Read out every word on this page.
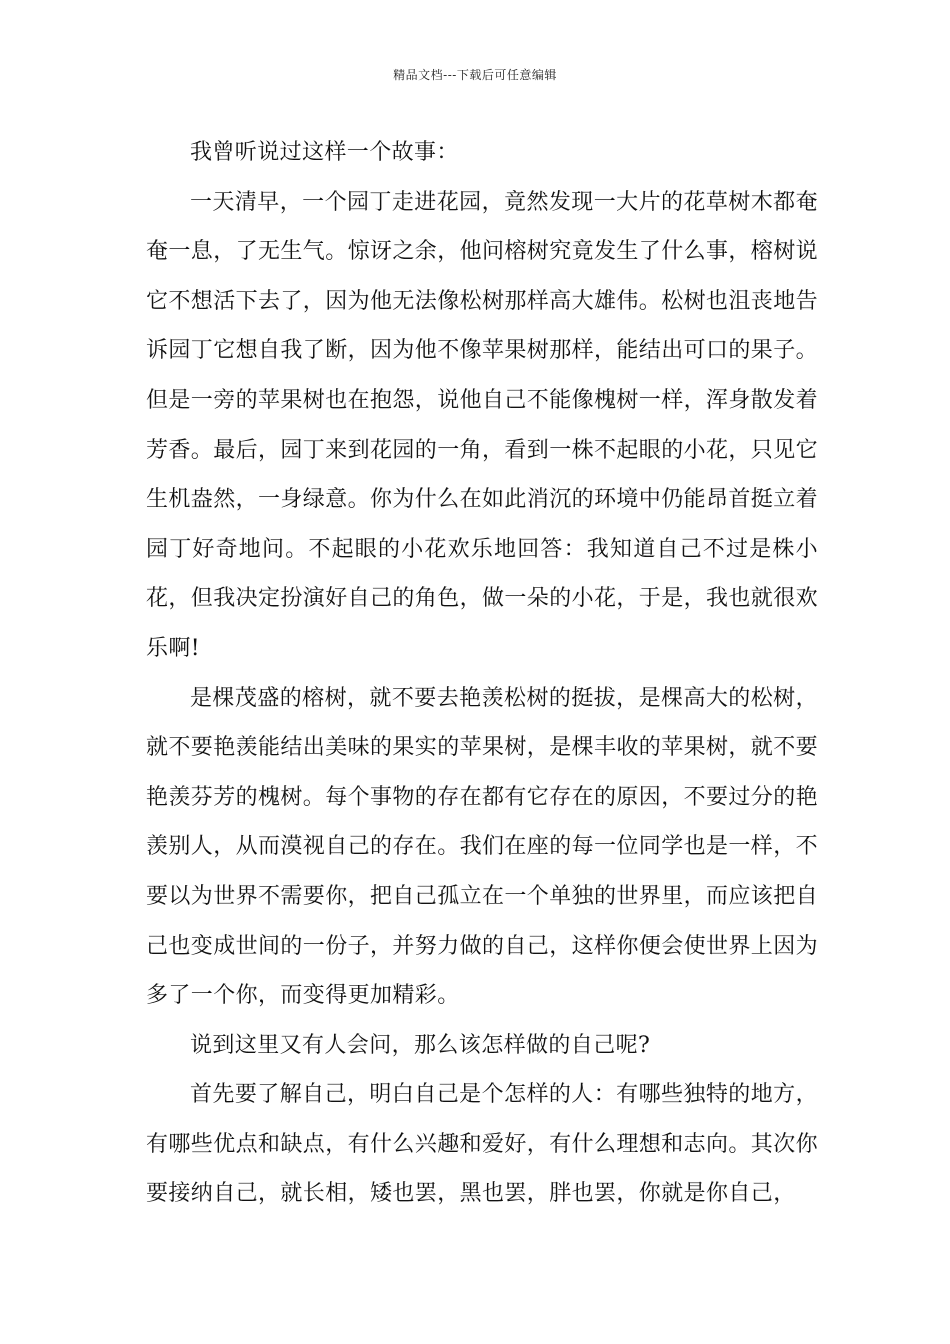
精品文档---下载后可任意编辑

我曾听说过这样一个故事：

一天清早，一个园丁走进花园，竟然发现一大片的花草树木都奄奄一息，了无生气。惊讶之余，他问榕树究竟发生了什么事，榕树说它不想活下去了，因为他无法像松树那样高大雄伟。松树也沮丧地告诉园丁它想自我了断，因为他不像苹果树那样，能结出可口的果子。但是一旁的苹果树也在抱怨，说他自己不能像槐树一样，浑身散发着芳香。最后，园丁来到花园的一角，看到一株不起眼的小花，只见它生机盎然，一身绿意。你为什么在如此消沉的环境中仍能昂首挺立着园丁好奇地问。不起眼的小花欢乐地回答：我知道自己不过是株小花，但我决定扮演好自己的角色，做一朵的小花，于是，我也就很欢乐啊!

是棵茂盛的榕树，就不要去艳羡松树的挺拔，是棵高大的松树，就不要艳羡能结出美味的果实的苹果树，是棵丰收的苹果树，就不要艳羡芬芳的槐树。每个事物的存在都有它存在的原因，不要过分的艳羡别人，从而漠视自己的存在。我们在座的每一位同学也是一样，不要以为世界不需要你，把自己孤立在一个单独的世界里，而应该把自己也变成世间的一份子，并努力做的自己，这样你便会使世界上因为多了一个你，而变得更加精彩。

说到这里又有人会问，那么该怎样做的自己呢?

首先要了解自己，明白自己是个怎样的人：有哪些独特的地方，有哪些优点和缺点，有什么兴趣和爱好，有什么理想和志向。其次你要接纳自己，就长相，矮也罢，黑也罢，胖也罢，你就是你自己，
